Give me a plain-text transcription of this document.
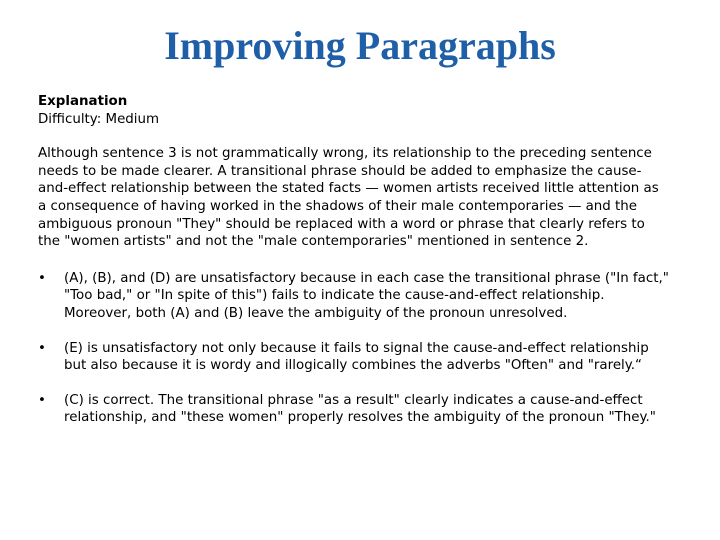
Improving Paragraphs
Explanation
Difficulty: Medium
Although sentence 3 is not grammatically wrong, its relationship to the preceding sentence needs to be made clearer. A transitional phrase should be added to emphasize the cause-and-effect relationship between the stated facts — women artists received little attention as a consequence of having worked in the shadows of their male contemporaries — and the ambiguous pronoun "They" should be replaced with a word or phrase that clearly refers to the "women artists" and not the "male contemporaries" mentioned in sentence 2.
• (A), (B), and (D) are unsatisfactory because in each case the transitional phrase ("In fact," "Too bad," or "In spite of this") fails to indicate the cause-and-effect relationship. Moreover, both (A) and (B) leave the ambiguity of the pronoun unresolved.
• (E) is unsatisfactory not only because it fails to signal the cause-and-effect relationship but also because it is wordy and illogically combines the adverbs "Often" and "rarely.“
• (C) is correct. The transitional phrase "as a result" clearly indicates a cause-and-effect relationship, and "these women" properly resolves the ambiguity of the pronoun "They."
